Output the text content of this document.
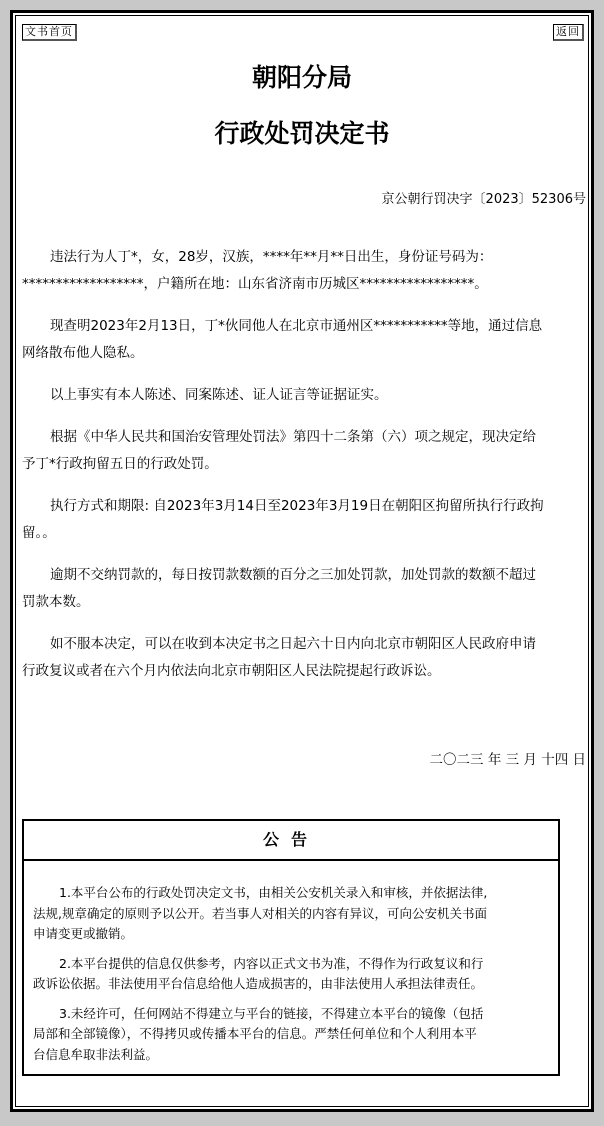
文书首页	返回
朝阳分局
行政处罚决定书
京公朝行罚决字〔2023〕52306号
违法行为人丁*，女，28岁，汉族，****年**月**日出生，身份证号码为：
******************，户籍所在地：山东省济南市历城区*****************。
现查明2023年2月13日，丁*伙同他人在北京市通州区***********等地，通过信息
网络散布他人隐私。
以上事实有本人陈述、同案陈述、证人证言等证据证实。
根据《中华人民共和国治安管理处罚法》第四十二条第（六）项之规定，现决定给
予丁*行政拘留五日的行政处罚。
执行方式和期限: 自2023年3月14日至2023年3月19日在朝阳区拘留所执行行政拘
留。。
逾期不交纳罚款的，每日按罚款数额的百分之三加处罚款，加处罚款的数额不超过
罚款本数。
如不服本决定，可以在收到本决定书之日起六十日内向北京市朝阳区人民政府申请
行政复议或者在六个月内依法向北京市朝阳区人民法院提起行政诉讼。
二〇二三 年 三 月 十四 日
公告
1.本平台公布的行政处罚决定文书，由相关公安机关录入和审核，并依据法律,
法规,规章确定的原则予以公开。若当事人对相关的内容有异议，可向公安机关书面
申请变更或撤销。
2.本平台提供的信息仅供参考，内容以正式文书为准，不得作为行政复议和行
政诉讼依据。非法使用平台信息给他人造成损害的，由非法使用人承担法律责任。
3.未经许可，任何网站不得建立与平台的链接，不得建立本平台的镜像（包括
局部和全部镜像），不得拷贝或传播本平台的信息。严禁任何单位和个人利用本平
台信息牟取非法利益。
